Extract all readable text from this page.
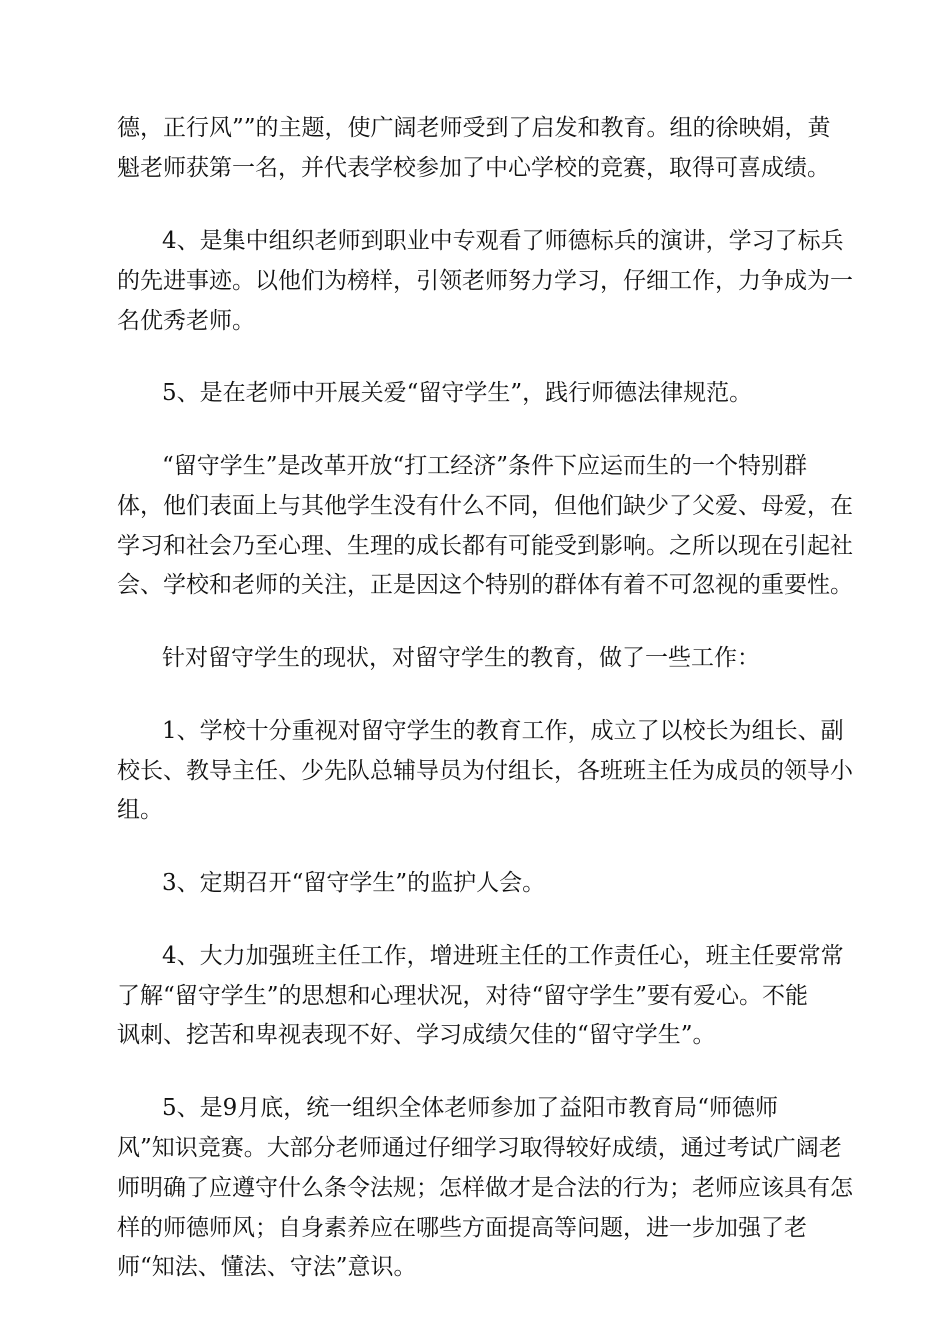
德，正行风””的主题，使广阔老师受到了启发和教育。组的徐映娟，黄

魁老师获第一名，并代表学校参加了中心学校的竞赛，取得可喜成绩。

4、是集中组织老师到职业中专观看了师德标兵的演讲，学习了标兵

的先进事迹。以他们为榜样，引领老师努力学习，仔细工作，力争成为一

名优秀老师。

5、是在老师中开展关爱“留守学生”，践行师德法律规范。

“留守学生”是改革开放“打工经济”条件下应运而生的一个特别群

体，他们表面上与其他学生没有什么不同，但他们缺少了父爱、母爱，在

学习和社会乃至心理、生理的成长都有可能受到影响。之所以现在引起社

会、学校和老师的关注，正是因这个特别的群体有着不可忽视的重要性。

针对留守学生的现状，对留守学生的教育，做了一些工作：

1、学校十分重视对留守学生的教育工作，成立了以校长为组长、副

校长、教导主任、少先队总辅导员为付组长，各班班主任为成员的领导小

组。

3、定期召开“留守学生”的监护人会。

4、大力加强班主任工作，增进班主任的工作责任心，班主任要常常

了解“留守学生”的思想和心理状况，对待“留守学生”要有爱心。不能

讽刺、挖苦和卑视表现不好、学习成绩欠佳的“留守学生”。

5、是9月底，统一组织全体老师参加了益阳市教育局“师德师

风”知识竞赛。大部分老师通过仔细学习取得较好成绩，通过考试广阔老

师明确了应遵守什么条令法规；怎样做才是合法的行为；老师应该具有怎

样的师德师风；自身素养应在哪些方面提高等问题，进一步加强了老

师“知法、懂法、守法”意识。
